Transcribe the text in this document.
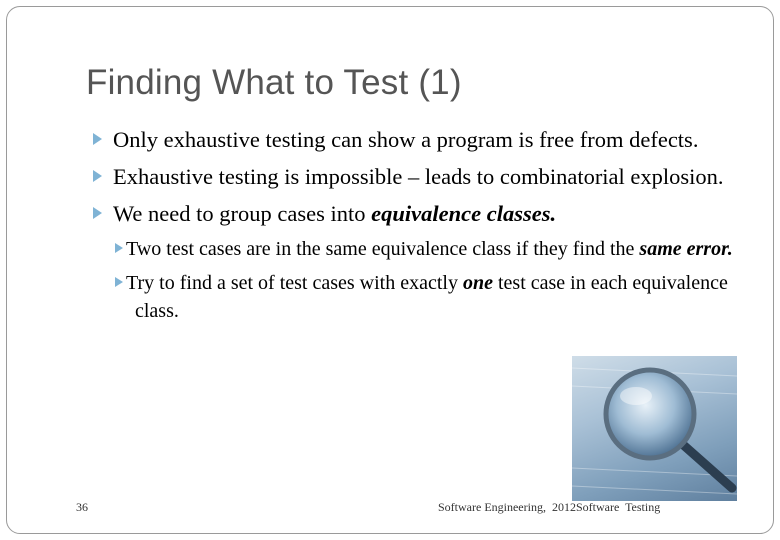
Finding What to Test (1)
Only exhaustive testing can show a program is free from defects.
Exhaustive testing is impossible – leads to combinatorial explosion.
We need to group cases into equivalence classes.
Two test cases are in the same equivalence class if they find the same error.
Try to find a set of test cases with exactly one test case in each equivalence class.
36	Software Engineering,  2012Software  Testing
